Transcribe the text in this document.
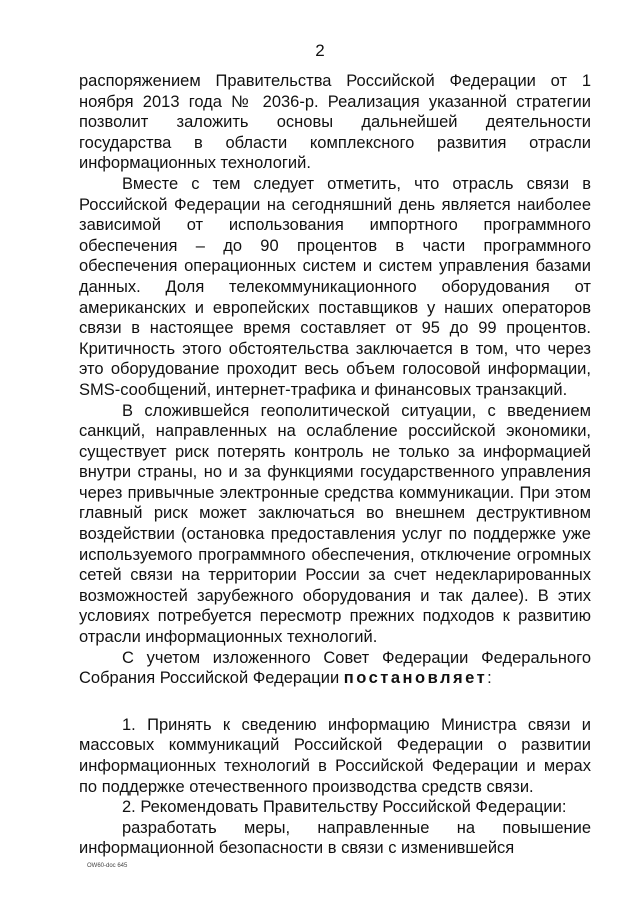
2

распоряжением Правительства Российской Федерации от 1 ноября 2013 года № 2036-р. Реализация указанной стратегии позволит заложить основы дальнейшей деятельности государства в области комплексного развития отрасли информационных технологий.

Вместе с тем следует отметить, что отрасль связи в Российской Федерации на сегодняшний день является наиболее зависимой от использования импортного программного обеспечения – до 90 процентов в части программного обеспечения операционных систем и систем управления базами данных. Доля телекоммуникационного оборудования от американских и европейских поставщиков у наших операторов связи в настоящее время составляет от 95 до 99 процентов. Критичность этого обстоятельства заключается в том, что через это оборудование проходит весь объем голосовой информации, SMS-сообщений, интернет-трафика и финансовых транзакций.

В сложившейся геополитической ситуации, с введением санкций, направленных на ослабление российской экономики, существует риск потерять контроль не только за информацией внутри страны, но и за функциями государственного управления через привычные электронные средства коммуникации. При этом главный риск может заключаться во внешнем деструктивном воздействии (остановка предоставления услуг по поддержке уже используемого программного обеспечения, отключение огромных сетей связи на территории России за счет недекларированных возможностей зарубежного оборудования и так далее). В этих условиях потребуется пересмотр прежних подходов к развитию отрасли информационных технологий.

С учетом изложенного Совет Федерации Федерального Собрания Российской Федерации постановляет:

1. Принять к сведению информацию Министра связи и массовых коммуникаций Российской Федерации о развитии информационных технологий в Российской Федерации и мерах по поддержке отечественного производства средств связи.

2. Рекомендовать Правительству Российской Федерации:

разработать меры, направленные на повышение информационной безопасности в связи с изменившейся

OW60-doc 645
